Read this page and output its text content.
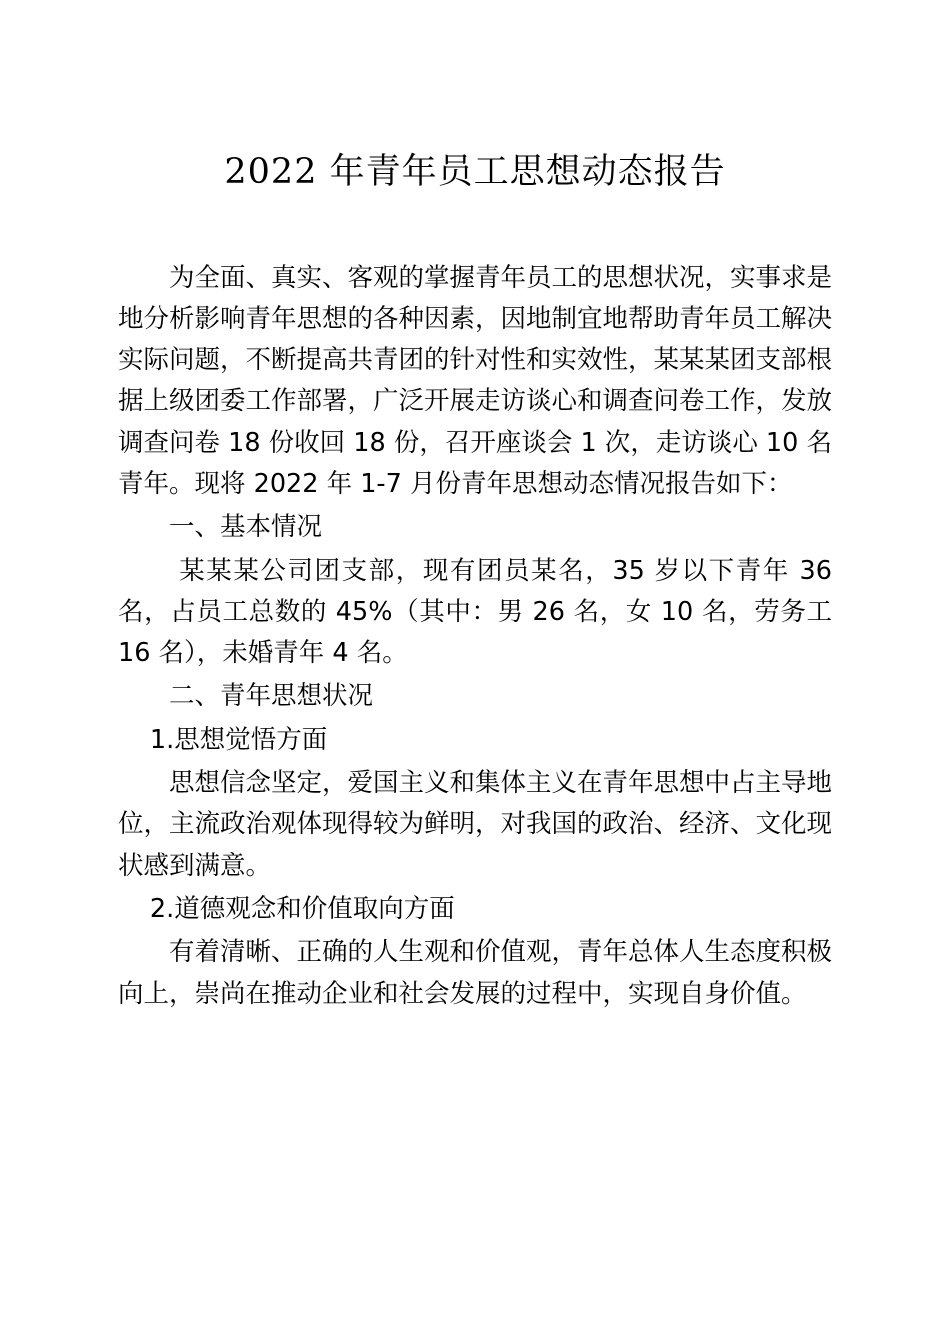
2022 年青年员工思想动态报告

为全面、真实、客观的掌握青年员工的思想状况，实事求是地分析影响青年思想的各种因素，因地制宜地帮助青年员工解决实际问题，不断提高共青团的针对性和实效性，某某某团支部根据上级团委工作部署，广泛开展走访谈心和调查问卷工作，发放调查问卷 18 份收回 18 份，召开座谈会 1 次，走访谈心 10 名青年。现将 2022 年 1-7 月份青年思想动态情况报告如下：

一、基本情况

某某某公司团支部，现有团员某名，35 岁以下青年 36 名，占员工总数的 45%（其中：男 26 名，女 10 名，劳务工 16 名），未婚青年 4 名。

二、青年思想状况

1.思想觉悟方面

思想信念坚定，爱国主义和集体主义在青年思想中占主导地位，主流政治观体现得较为鲜明，对我国的政治、经济、文化现状感到满意。

2.道德观念和价值取向方面

有着清晰、正确的人生观和价值观，青年总体人生态度积极向上，崇尚在推动企业和社会发展的过程中，实现自身价值。
